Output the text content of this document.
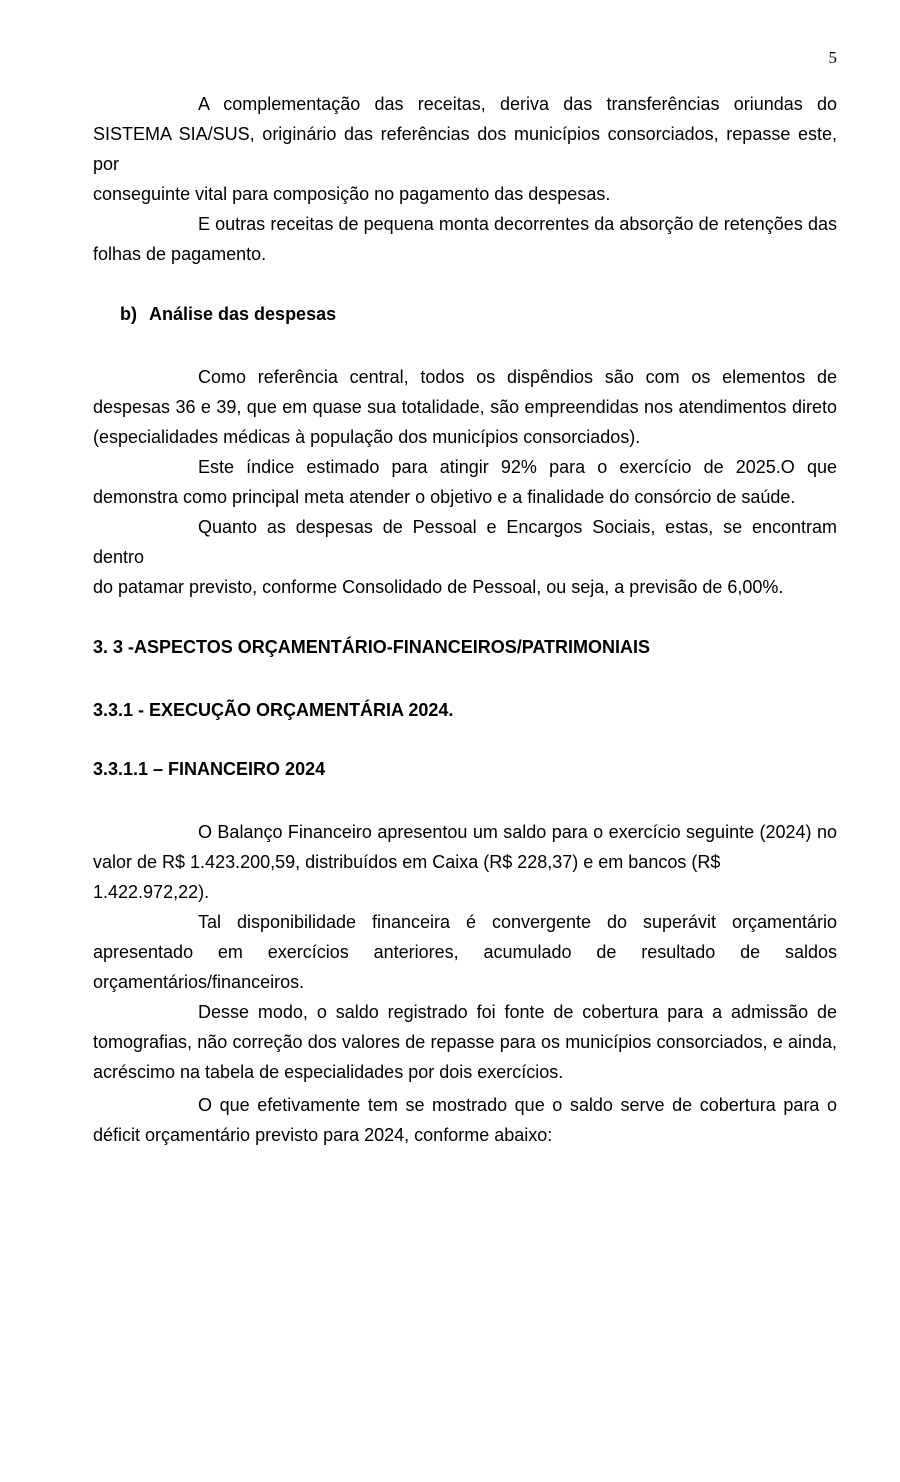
5

A complementação das receitas, deriva das transferências oriundas do
SISTEMA SIA/SUS, originário das referências dos municípios consorciados, repasse este, por
conseguinte vital para composição no pagamento das despesas.

E outras receitas de pequena monta decorrentes da absorção de retenções das
folhas de pagamento.

b) Análise das despesas

Como referência central, todos os dispêndios são com os elementos de
despesas 36 e 39, que em quase sua totalidade, são empreendidas nos atendimentos direto
(especialidades médicas à população dos municípios consorciados).

Este índice estimado para atingir 92% para o exercício de 2025.O que
demonstra como principal meta atender o objetivo e a finalidade do consórcio de saúde.

Quanto as despesas de Pessoal e Encargos Sociais, estas, se encontram dentro
do patamar previsto, conforme Consolidado de Pessoal, ou seja, a previsão de 6,00%.

3. 3 -ASPECTOS ORÇAMENTÁRIO-FINANCEIROS/PATRIMONIAIS
3.3.1 - EXECUÇÃO ORÇAMENTÁRIA 2024.
3.3.1.1 – FINANCEIRO 2024

O Balanço Financeiro apresentou um saldo para o exercício seguinte (2024) no
valor de R$ 1.423.200,59, distribuídos em Caixa (R$ 228,37) e em bancos (R$ 1.422.972,22).

Tal disponibilidade financeira é convergente do superávit orçamentário
apresentado em exercícios anteriores, acumulado de resultado de saldos
orçamentários/financeiros.

Desse modo, o saldo registrado foi fonte de cobertura para a admissão de
tomografias, não correção dos valores de repasse para os municípios consorciados, e ainda,
acréscimo na tabela de especialidades por dois exercícios.

O que efetivamente tem se mostrado que o saldo serve de cobertura para o
déficit orçamentário previsto para 2024, conforme abaixo:
